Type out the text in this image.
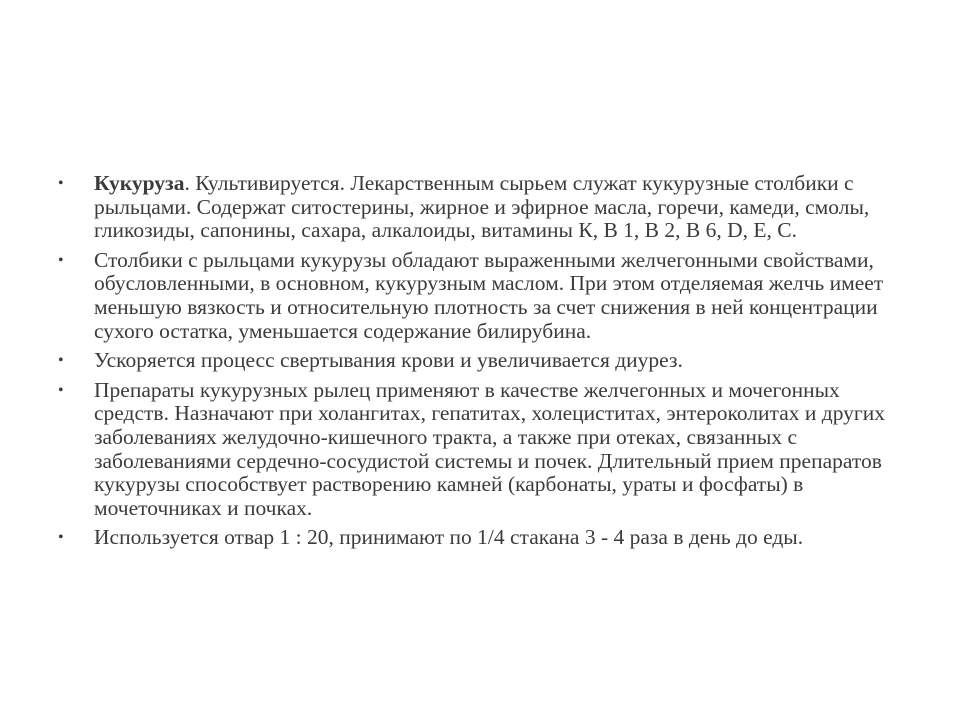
• Кукуруза. Культивируется. Лекарственным сырьем служат кукурузные столбики с рыльцами. Содержат ситостерины, жирное и эфирное масла, горечи, камеди, смолы, гликозиды, сапонины, сахара, алкалоиды, витамины К, В 1, В 2, В 6, D, Е, С.
• Столбики с рыльцами кукурузы обладают выраженными желчегонными свойствами, обусловленными, в основном, кукурузным маслом. При этом отделяемая желчь имеет меньшую вязкость и относительную плотность за счет снижения в ней концентрации сухого остатка, уменьшается содержание билирубина.
• Ускоряется процесс свертывания крови и увеличивается диурез.
• Препараты кукурузных рылец применяют в качестве желчегонных и мочегонных средств. Назначают при холангитах, гепатитах, холециститах, энтероколитах и других заболеваниях желудочно-кишечного тракта, а также при отеках, связанных с заболеваниями сердечно-сосудистой системы и почек. Длительный прием препаратов кукурузы способствует растворению камней (карбонаты, ураты и фосфаты) в мочеточниках и почках.
• Используется отвар 1 : 20, принимают по 1/4 стакана 3 - 4 раза в день до еды.
